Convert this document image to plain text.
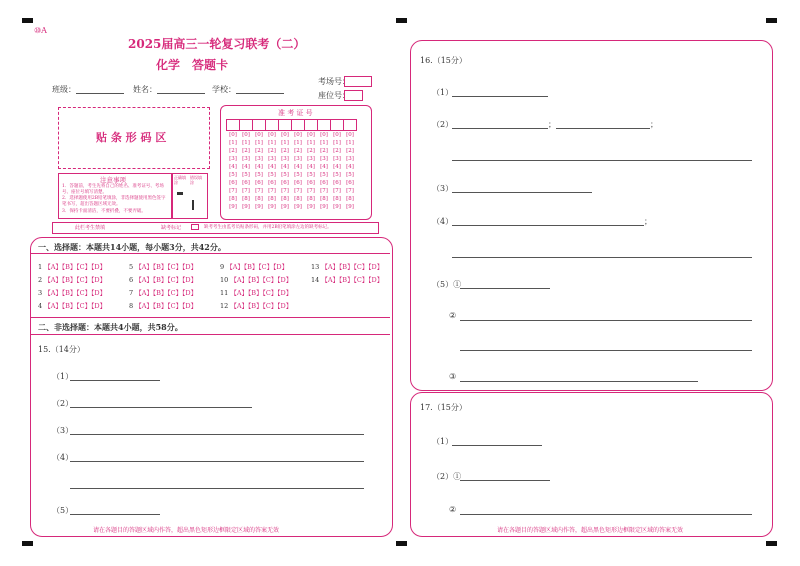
⑩A
2025届高三一轮复习联考（二）
化学　答题卡
考场号：
座位号：
班级：	姓名：	学校：
贴 条 形 码 区
注意事项
1．答题前，考生先将自己的姓名、准考证号、考场号、座位号填写清楚。
2．选择题使用2B铅笔填涂，非选择题使用黑色签字笔书写，超出答题区域无效。
3．保持卡面清洁，不要折叠，不要弄破。
正确填涂
错误填涂
准 考 证 号

[0]	[0]	[0]	[0]	[0]	[0]	[0]	[0]	[0]	[0]
[1]	[1]	[1]	[1]	[1]	[1]	[1]	[1]	[1]	[1]
[2]	[2]	[2]	[2]	[2]	[2]	[2]	[2]	[2]	[2]
[3]	[3]	[3]	[3]	[3]	[3]	[3]	[3]	[3]	[3]
[4]	[4]	[4]	[4]	[4]	[4]	[4]	[4]	[4]	[4]
[5]	[5]	[5]	[5]	[5]	[5]	[5]	[5]	[5]	[5]
[6]	[6]	[6]	[6]	[6]	[6]	[6]	[6]	[6]	[6]
[7]	[7]	[7]	[7]	[7]	[7]	[7]	[7]	[7]	[7]
[8]	[8]	[8]	[8]	[8]	[8]	[8]	[8]	[8]	[8]
[9]	[9]	[9]	[9]	[9]	[9]	[9]	[9]	[9]	[9]
此栏考生禁填	缺考标记	缺考考生由监考员贴条形码，并用2B铅笔填涂左边的缺考标记。
一、选择题：本题共14小题，每小题3分，共42分。
1 【A】【B】【C】【D】
2 【A】【B】【C】【D】
3 【A】【B】【C】【D】
4 【A】【B】【C】【D】
5 【A】【B】【C】【D】
6 【A】【B】【C】【D】
7 【A】【B】【C】【D】
8 【A】【B】【C】【D】
9 【A】【B】【C】【D】
10 【A】【B】【C】【D】
11 【A】【B】【C】【D】
12 【A】【B】【C】【D】
13 【A】【B】【C】【D】
14 【A】【B】【C】【D】
二、非选择题：本题共4小题，共58分。
15.（14分）
（1）
（2）
（3）
（4）
（5）
请在各题目的答题区域内作答，超出黑色矩形边框限定区域的答案无效
16.（15分）
（1）
（2）	；	；
（3）
（4）	；
（5）①
②
③
17.（15分）
（1）
（2）①
②
请在各题目的答题区域内作答，超出黑色矩形边框限定区域的答案无效
